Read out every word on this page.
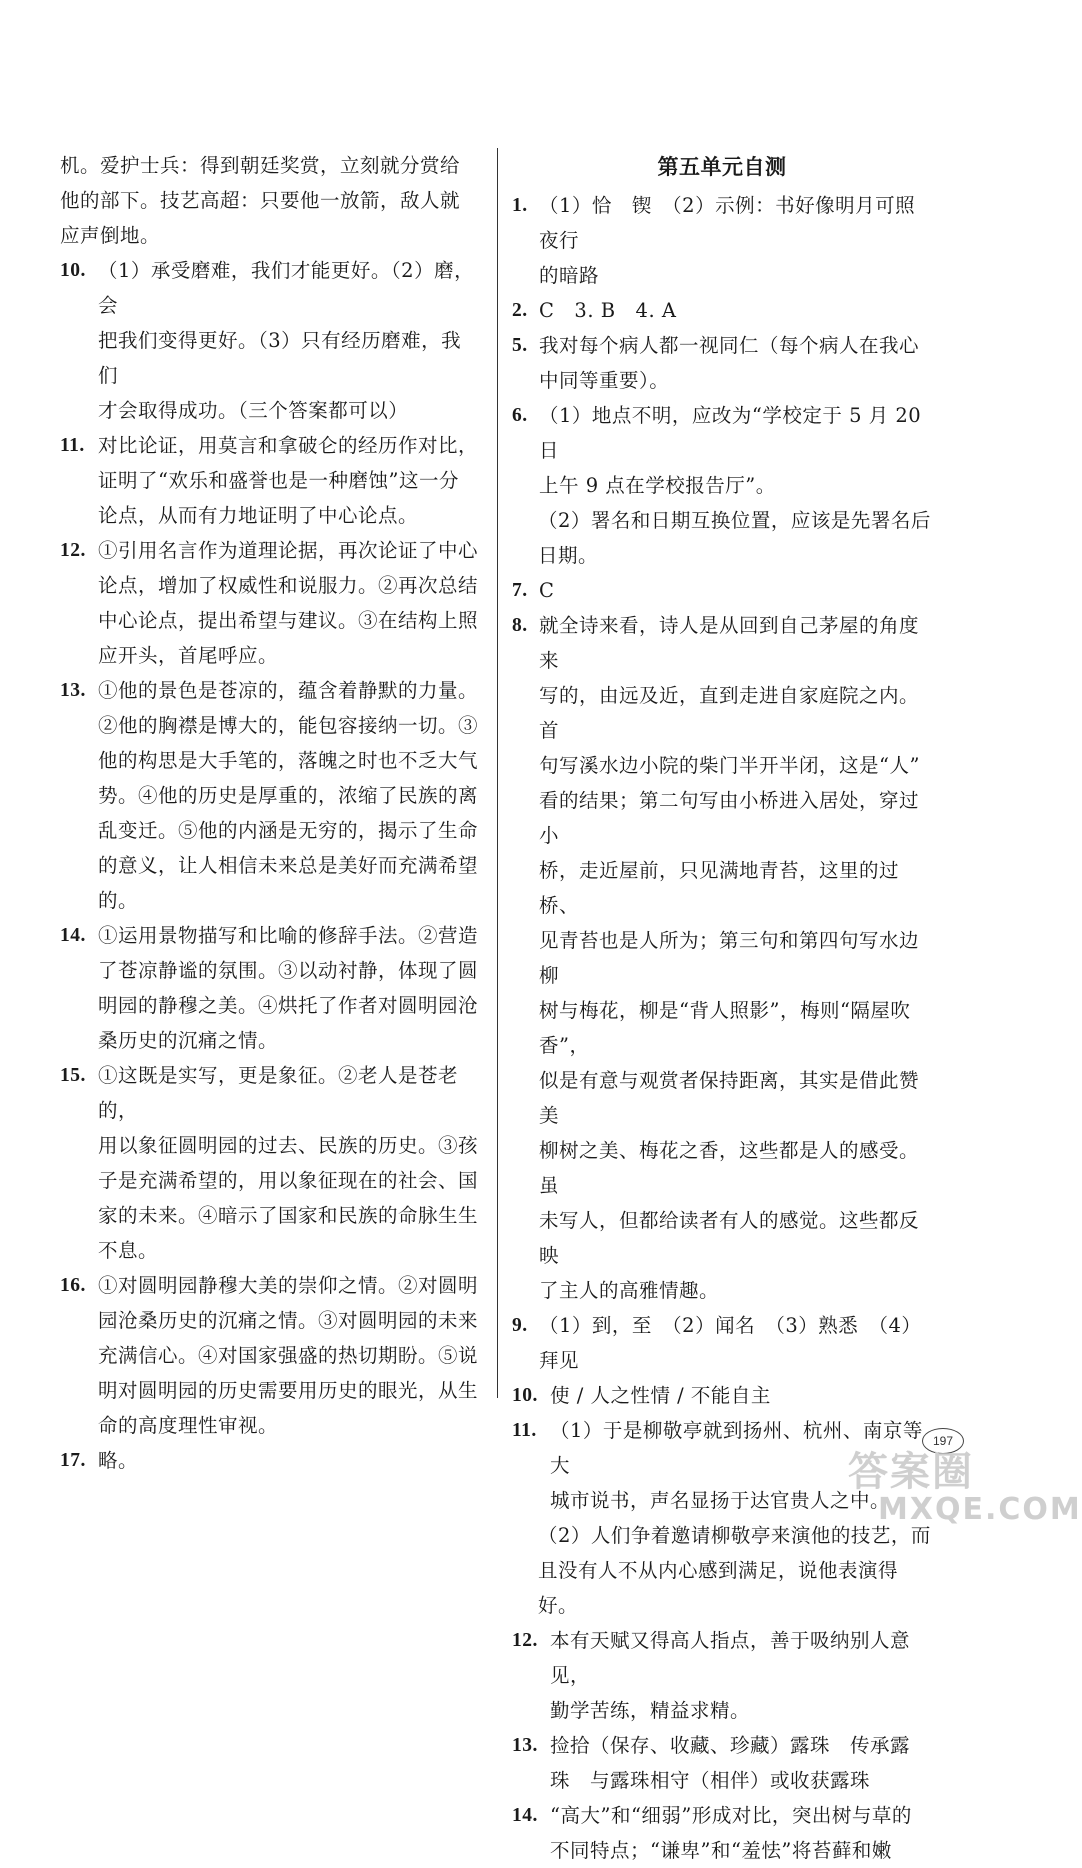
机。爱护士兵：得到朝廷奖赏，立刻就分赏给
他的部下。技艺高超：只要他一放箭，敌人就
应声倒地。
10. （1）承受磨难，我们才能更好。（2）磨，会
把我们变得更好。（3）只有经历磨难，我们
才会取得成功。（三个答案都可以）
11. 对比论证，用莫言和拿破仑的经历作对比，
证明了“欢乐和盛誉也是一种磨蚀”这一分
论点，从而有力地证明了中心论点。
12. ①引用名言作为道理论据，再次论证了中心
论点，增加了权威性和说服力。②再次总结
中心论点，提出希望与建议。③在结构上照
应开头，首尾呼应。
13. ①他的景色是苍凉的，蕴含着静默的力量。
②他的胸襟是博大的，能包容接纳一切。③
他的构思是大手笔的，落魄之时也不乏大气
势。④他的历史是厚重的，浓缩了民族的离
乱变迁。⑤他的内涵是无穷的，揭示了生命
的意义，让人相信未来总是美好而充满希望
的。
14. ①运用景物描写和比喻的修辞手法。②营造
了苍凉静谧的氛围。③以动衬静，体现了圆
明园的静穆之美。④烘托了作者对圆明园沧
桑历史的沉痛之情。
15. ①这既是实写，更是象征。②老人是苍老的，
用以象征圆明园的过去、民族的历史。③孩
子是充满希望的，用以象征现在的社会、国
家的未来。④暗示了国家和民族的命脉生生
不息。
16. ①对圆明园静穆大美的崇仰之情。②对圆明
园沧桑历史的沉痛之情。③对圆明园的未来
充满信心。④对国家强盛的热切期盼。⑤说
明对圆明园的历史需要用历史的眼光，从生
命的高度理性审视。
17. 略。
第五单元自测
1. （1）恰　锲　（2）示例：书好像明月可照夜行
的暗路
2. C　3. B　4. A
5. 我对每个病人都一视同仁（每个病人在我心
中同等重要）。
6. （1）地点不明，应改为“学校定于 5 月 20 日
上午 9 点在学校报告厅”。
（2）署名和日期互换位置，应该是先署名后
日期。
7. C
8. 就全诗来看，诗人是从回到自己茅屋的角度来
写的，由远及近，直到走进自家庭院之内。首
句写溪水边小院的柴门半开半闭，这是“人”
看的结果；第二句写由小桥进入居处，穿过小
桥，走近屋前，只见满地青苔，这里的过桥、
见青苔也是人所为；第三句和第四句写水边柳
树与梅花，柳是“背人照影”，梅则“隔屋吹香”，
似是有意与观赏者保持距离，其实是借此赞美
柳树之美、梅花之香，这些都是人的感受。虽
未写人，但都给读者有人的感觉。这些都反映
了主人的高雅情趣。
9. （1）到，至　（2）闻名　（3）熟悉　（4）拜见
10. 使 / 人之性情 / 不能自主
11. （1）于是柳敬亭就到扬州、杭州、南京等大
城市说书，声名显扬于达官贵人之中。
（2）人们争着邀请柳敬亭来演他的技艺，而
且没有人不从内心感到满足，说他表演得好。
12. 本有天赋又得高人指点，善于吸纳别人意见，
勤学苦练，精益求精。
13. 捡拾（保存、收藏、珍藏）露珠　传承露
珠　与露珠相守（相伴）或收获露珠
14. “高大”和“细弱”形成对比，突出树与草的
不同特点；“谦卑”和“羞怯”将苔藓和嫩
197
答案圈
MXQE.COM
